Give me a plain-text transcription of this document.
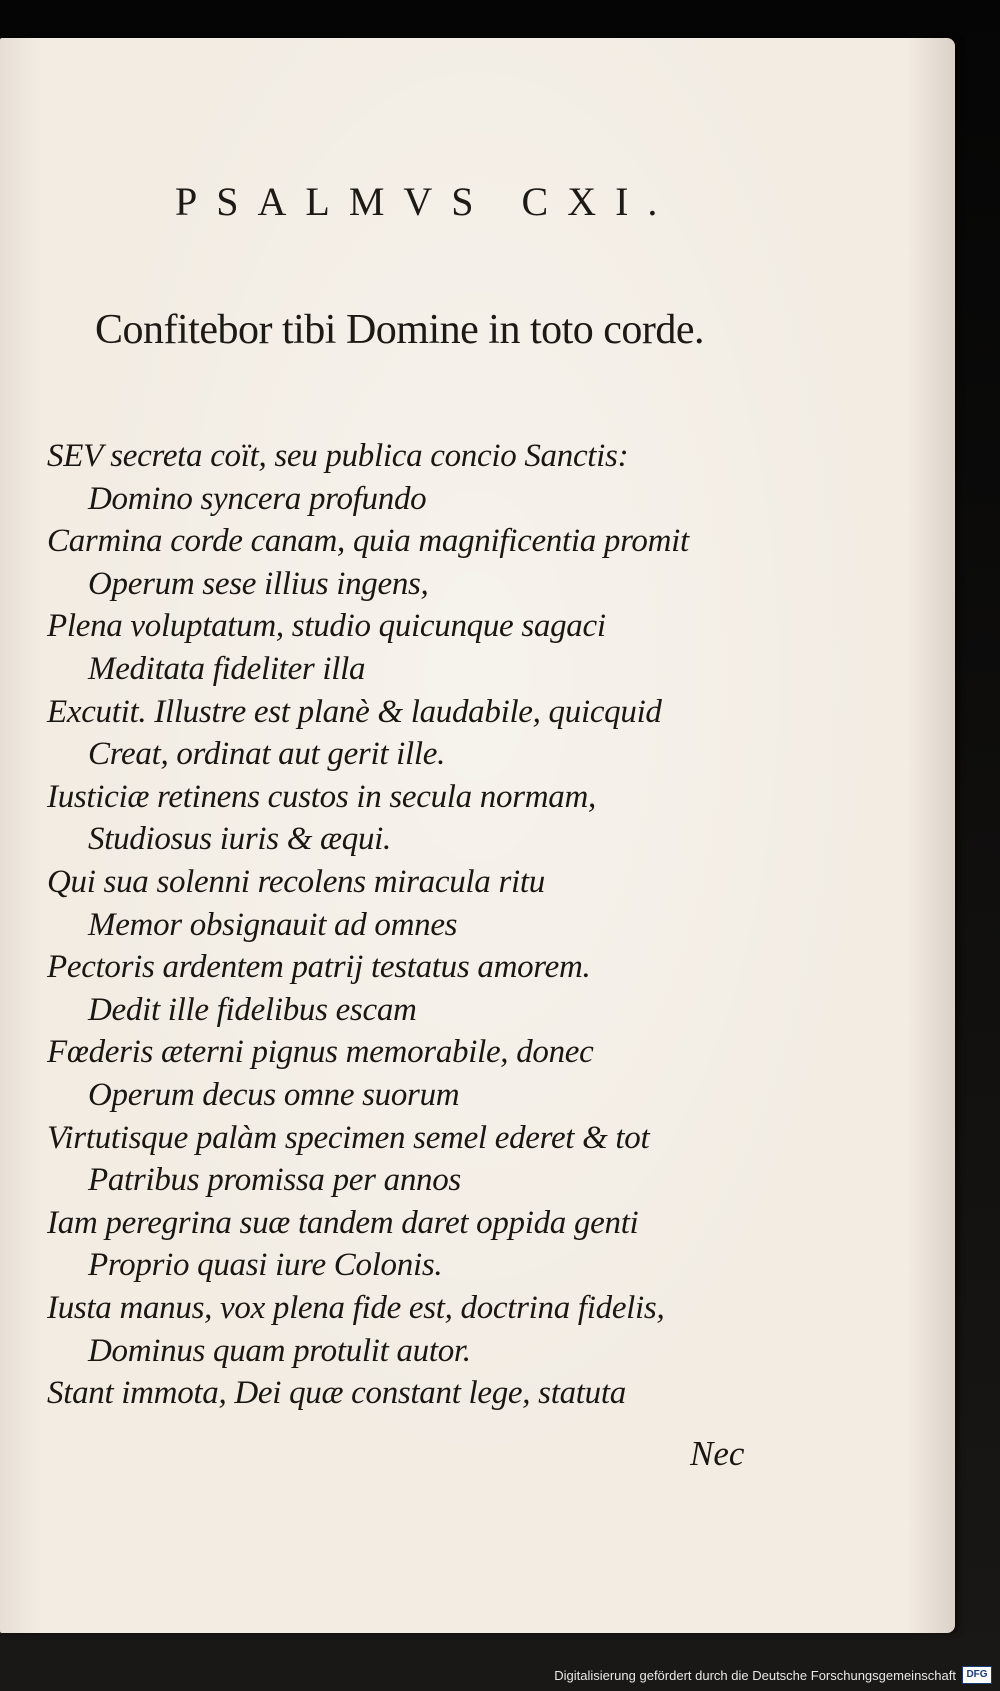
PSALMVS CXI.
Confitebor tibi Domine in toto corde.
SEV secreta coït, seu publica concio Sanctis:
Domino syncera profundo
Carmina corde canam, quia magnificentia promit
Operum sese illius ingens,
Plena voluptatum, studio quicunque sagaci
Meditata fideliter illa
Excutit. Illustre est planè & laudabile, quicquid
Creat, ordinat aut gerit ille.
Iusticiæ retinens custos in secula normam,
Studiosus iuris & æqui.
Qui sua solenni recolens miracula ritu
Memor obsignauit ad omnes
Pectoris ardentem patrij testatus amorem.
Dedit ille fidelibus escam
Fœderis æterni pignus memorabile, donec
Operum decus omne suorum
Virtutisque palàm specimen semel ederet & tot
Patribus promissa per annos
Iam peregrina suæ tandem daret oppida genti
Proprio quasi iure Colonis.
Iusta manus, vox plena fide est, doctrina fidelis,
Dominus quam protulit autor.
Stant immota, Dei quæ constant lege, statuta
Nec
Digitalisierung gefördert durch die Deutsche Forschungsgemeinschaft	DFG
